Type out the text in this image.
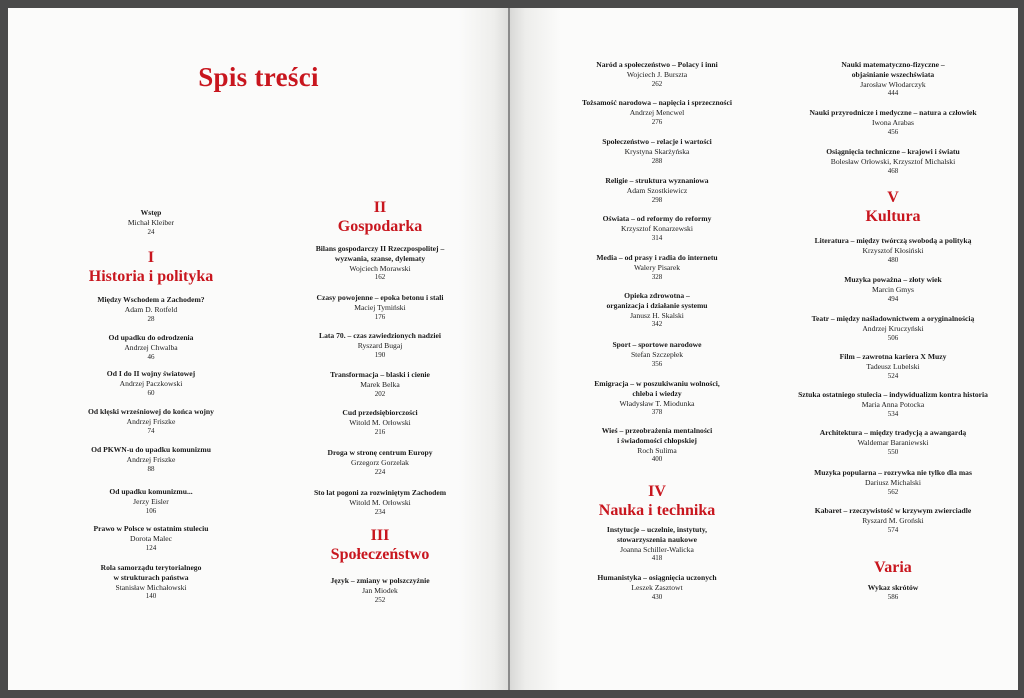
Spis treści
Wstęp
Michał Kleiber
24
I
Historia i polityka
Między Wschodem a Zachodem?
Adam D. Rotfeld
28
Od upadku do odrodzenia
Andrzej Chwalba
46
Od I do II wojny światowej
Andrzej Paczkowski
60
Od klęski wrześniowej do końca wojny
Andrzej Friszke
74
Od PKWN-u do upadku komunizmu
Andrzej Friszke
88
Od upadku komunizmu...
Jerzy Eisler
106
Prawo w Polsce w ostatnim stuleciu
Dorota Malec
124
Rola samorządu terytorialnego
w strukturach państwa
Stanisław Michałowski
140
II
Gospodarka
Bilans gospodarczy II Rzeczpospolitej –
wyzwania, szanse, dylematy
Wojciech Morawski
162
Czasy powojenne – epoka betonu i stali
Maciej Tymiński
176
Lata 70. – czas zawiedzionych nadziei
Ryszard Bugaj
190
Transformacja – blaski i cienie
Marek Belka
202
Cud przedsiębiorczości
Witold M. Orłowski
216
Droga w stronę centrum Europy
Grzegorz Gorzelak
224
Sto lat pogoni za rozwiniętym Zachodem
Witold M. Orłowski
234
III
Społeczeństwo
Język – zmiany w polszczyźnie
Jan Miodek
252
Naród a społeczeństwo – Polacy i inni
Wojciech J. Burszta
262
Tożsamość narodowa – napięcia i sprzeczności
Andrzej Mencwel
276
Społeczeństwo – relacje i wartości
Krystyna Skarżyńska
288
Religie – struktura wyznaniowa
Adam Szostkiewicz
298
Oświata – od reformy do reformy
Krzysztof Konarzewski
314
Media – od prasy i radia do internetu
Walery Pisarek
328
Opieka zdrowotna –
organizacja i działanie systemu
Janusz H. Skalski
342
Sport – sportowe narodowe
Stefan Szczepłek
356
Emigracja – w poszukiwaniu wolności,
chleba i wiedzy
Władysław T. Miodunka
378
Wieś – przeobrażenia mentalności
i świadomości chłopskiej
Roch Sulima
400
IV
Nauka i technika
Instytucje – uczelnie, instytuty,
stowarzyszenia naukowe
Joanna Schiller-Walicka
418
Humanistyka – osiągnięcia uczonych
Leszek Zasztowt
430
Nauki matematyczno-fizyczne –
objaśnianie wszechświata
Jarosław Włodarczyk
444
Nauki przyrodnicze i medyczne – natura a człowiek
Iwona Arabas
456
Osiągnięcia techniczne – krajowi i światu
Bolesław Orłowski, Krzysztof Michalski
468
V
Kultura
Literatura – między twórczą swobodą a polityką
Krzysztof Kłosiński
480
Muzyka poważna – złoty wiek
Marcin Gmys
494
Teatr – między naśladownictwem a oryginalnością
Andrzej Kruczyński
506
Film – zawrotna kariera X Muzy
Tadeusz Lubelski
524
Sztuka ostatniego stulecia – indywidualizm kontra historia
Maria Anna Potocka
534
Architektura – między tradycją a awangardą
Waldemar Baraniewski
550
Muzyka popularna – rozrywka nie tylko dla mas
Dariusz Michalski
562
Kabaret – rzeczywistość w krzywym zwierciadle
Ryszard M. Groński
574
Varia
Wykaz skrótów
586
